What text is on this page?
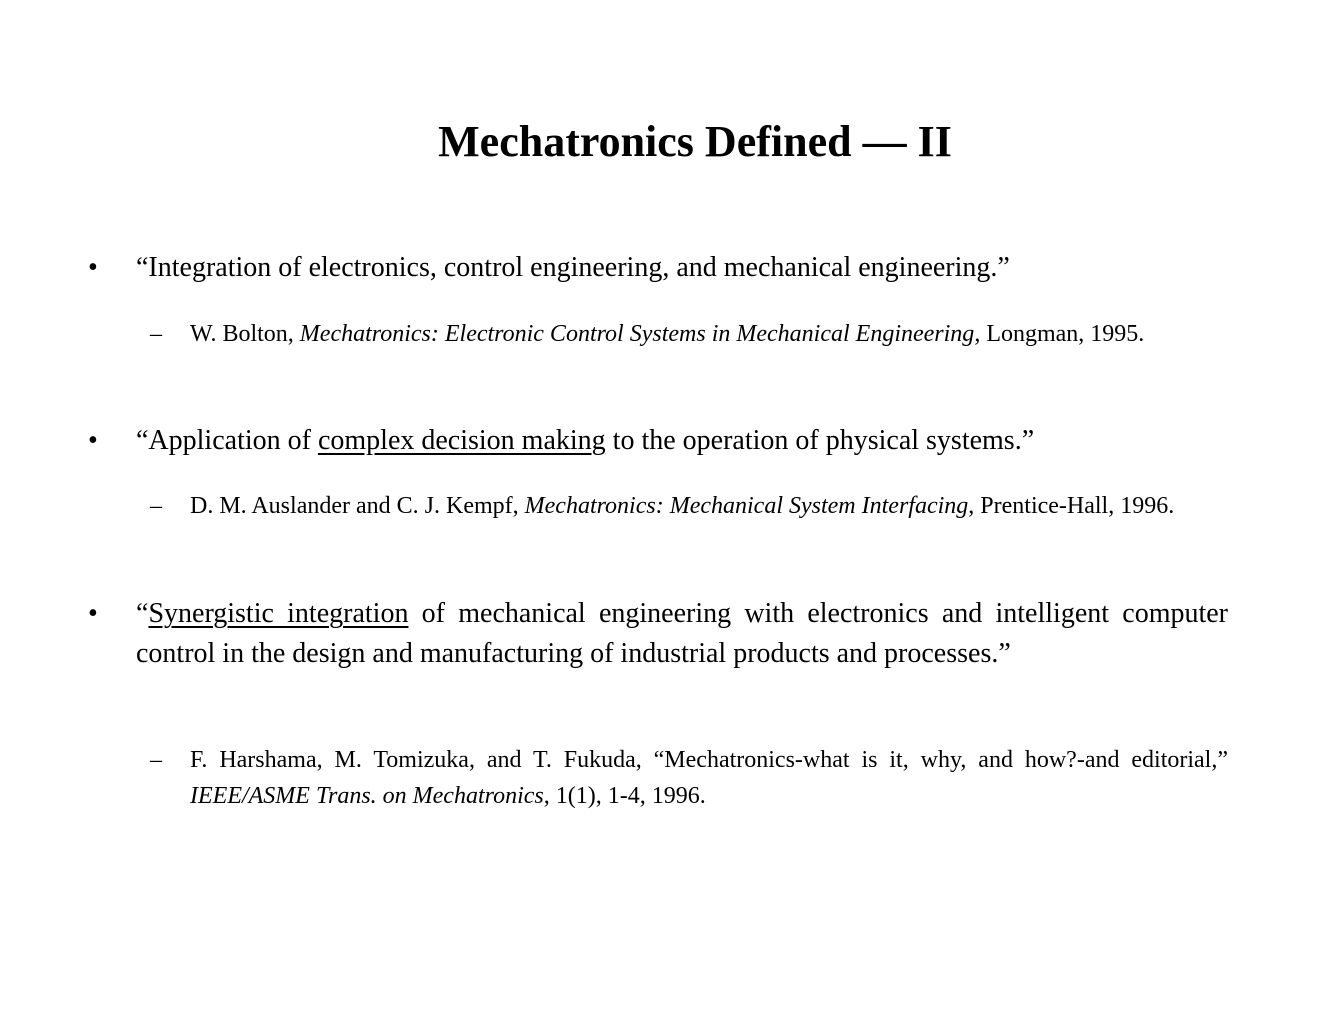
Mechatronics Defined — II
• “Integration of electronics, control engineering, and mechanical engineering.”
– W. Bolton, Mechatronics: Electronic Control Systems in Mechanical Engineering, Longman, 1995.
• “Application of complex decision making to the operation of physical systems.”
– D. M. Auslander and C. J. Kempf, Mechatronics: Mechanical System Interfacing, Prentice-Hall, 1996.
• “Synergistic integration of mechanical engineering with electronics and intelligent computer control in the design and manufacturing of industrial products and processes.”
– F. Harshama, M. Tomizuka, and T. Fukuda, “Mechatronics-what is it, why, and how?-and editorial,” IEEE/ASME Trans. on Mechatronics, 1(1), 1-4, 1996.
